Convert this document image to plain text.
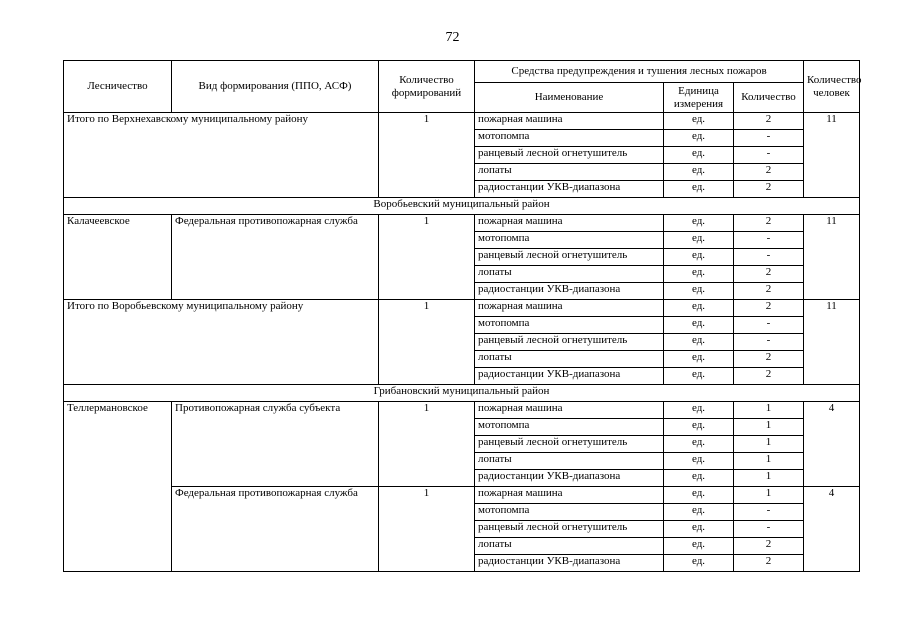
72
Лесничество	Вид формирования (ППО, АСФ)	Количество формирований	Средства предупреждения и тушения лесных пожаров			Количество человек
			Наименование	Единица измерения	Количество	
Итого по Верхнехавскому муниципальному району		1	пожарная машина	ед.	2	11
			мотопомпа	ед.	-	
			ранцевый лесной огнетушитель	ед.	-	
			лопаты	ед.	2	
			радиостанции УКВ-диапазона	ед.	2	
Воробьевский муниципальный район						
Калачеевское	Федеральная противопожарная служба	1	пожарная машина	ед.	2	11
			мотопомпа	ед.	-	
			ранцевый лесной огнетушитель	ед.	-	
			лопаты	ед.	2	
			радиостанции УКВ-диапазона	ед.	2	
Итого по Воробьевскому муниципальному району		1	пожарная машина	ед.	2	11
			мотопомпа	ед.	-	
			ранцевый лесной огнетушитель	ед.	-	
			лопаты	ед.	2	
			радиостанции УКВ-диапазона	ед.	2	
Грибановский муниципальный район						
Теллермановское	Противопожарная служба субъекта	1	пожарная машина	ед.	1	4
			мотопомпа	ед.	1	
			ранцевый лесной огнетушитель	ед.	1	
			лопаты	ед.	1	
			радиостанции УКВ-диапазона	ед.	1	
	Федеральная противопожарная служба	1	пожарная машина	ед.	1	4
			мотопомпа	ед.	-	
			ранцевый лесной огнетушитель	ед.	-	
			лопаты	ед.	2	
			радиостанции УКВ-диапазона	ед.	2	
